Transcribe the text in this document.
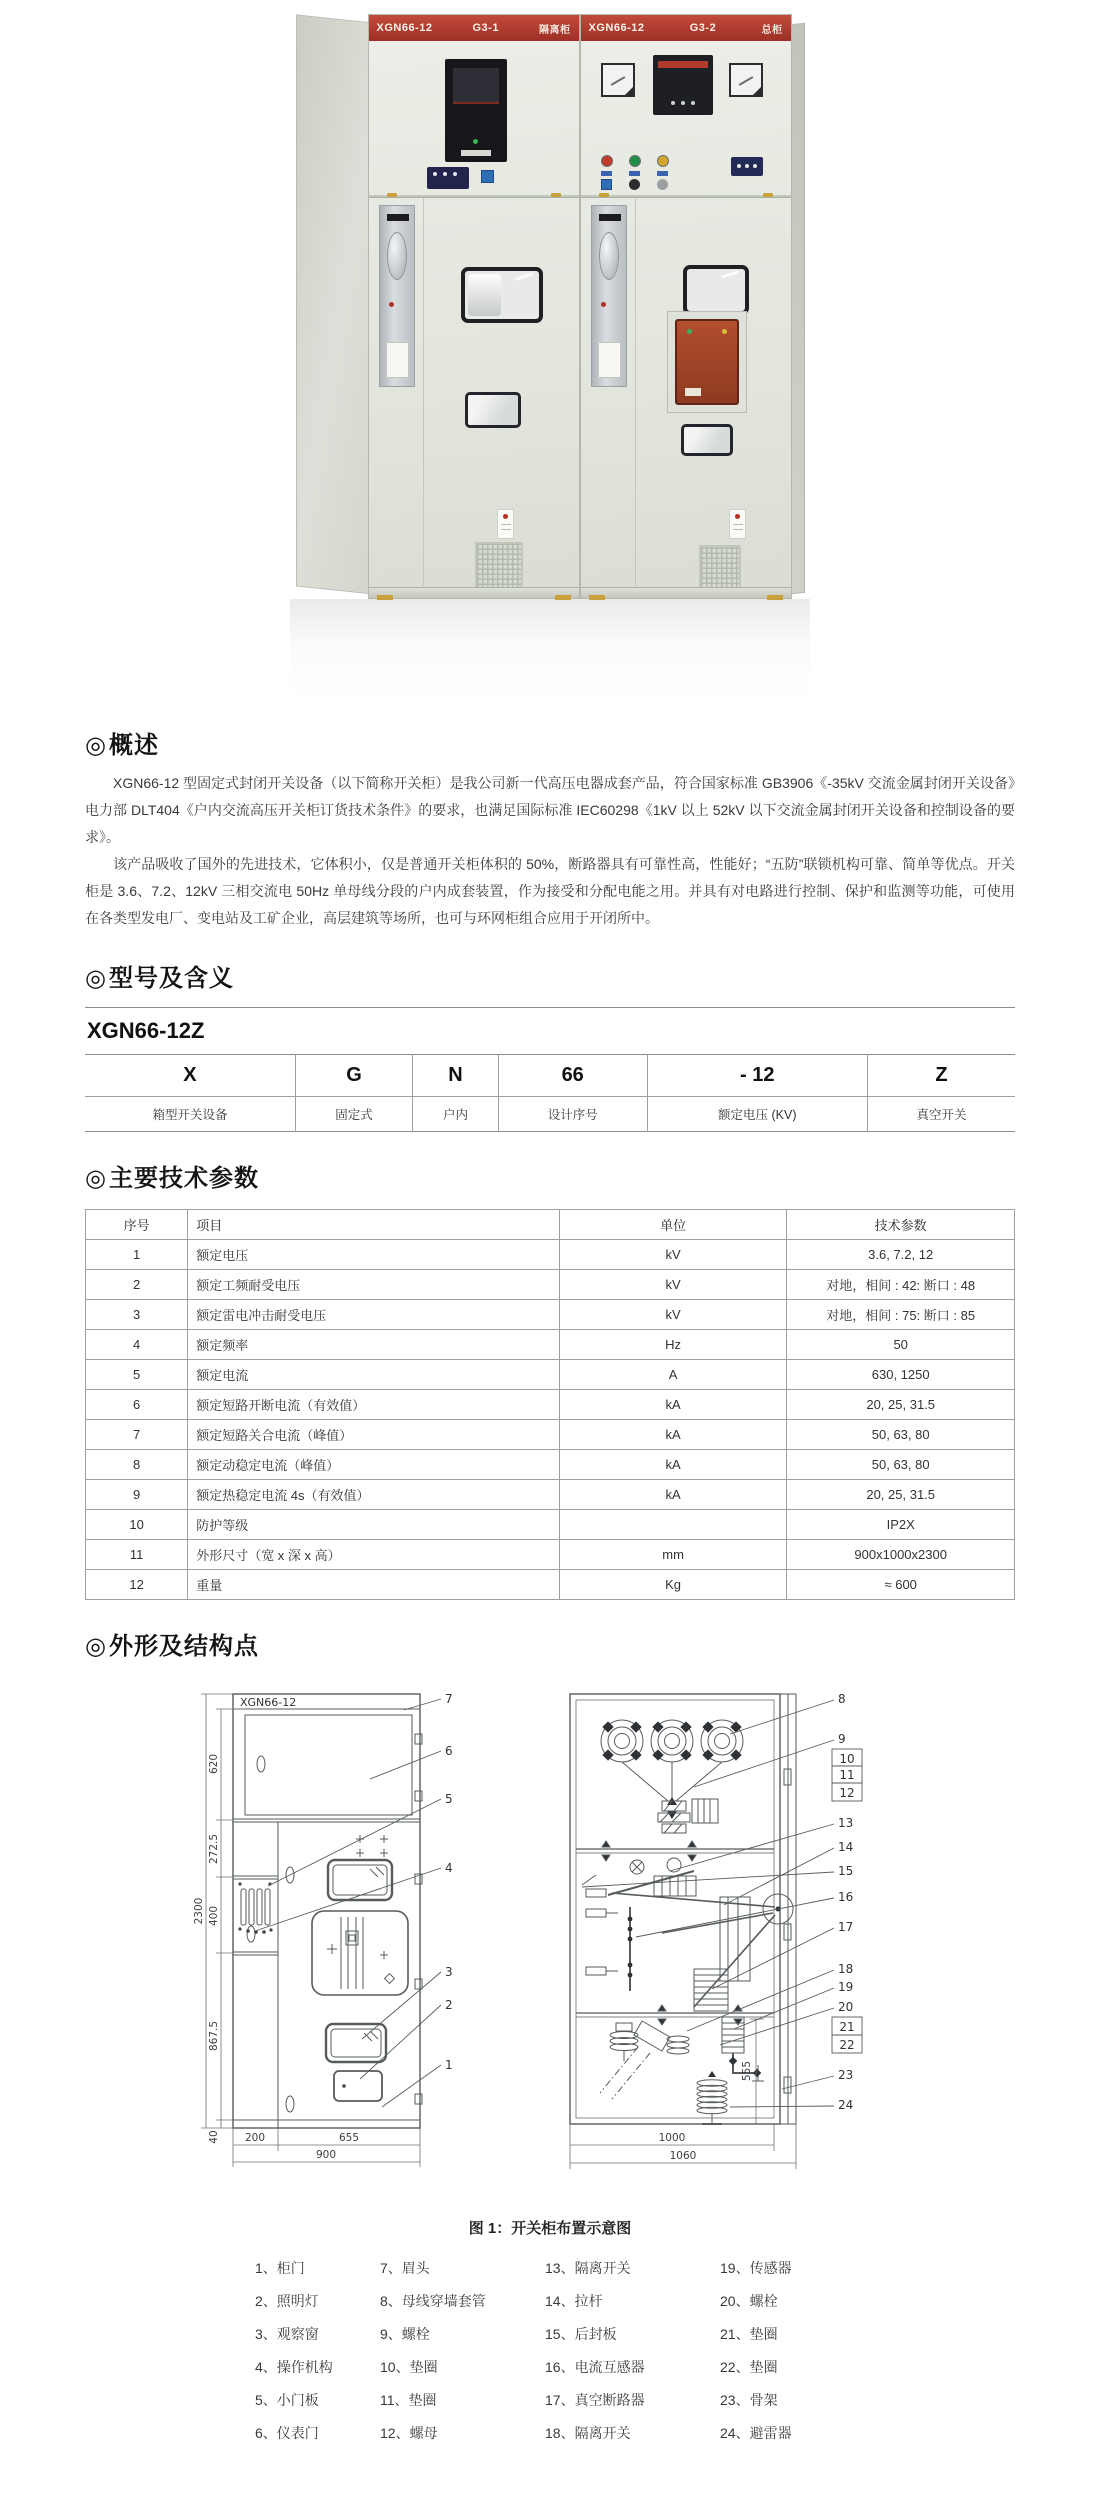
XGN66-12	G3-1	隔离柜 XGN66-12	G3-2	总柜
◎概述

XGN66-12 型固定式封闭开关设备（以下简称开关柜）是我公司新一代高压电器成套产品，符合国家标准 GB3906《-35kV 交流金属封闭开关设备》电力部 DLT404《户内交流高压开关柜订货技术条件》的要求，也满足国际标准 IEC60298《1kV 以上 52kV 以下交流金属封闭开关设备和控制设备的要求》。

该产品吸收了国外的先进技术，它体积小，仅是普通开关柜体积的 50%，断路器具有可靠性高，性能好；“五防”联锁机构可靠、简单等优点。开关柜是 3.6、7.2、12kV 三相交流电 50Hz 单母线分段的户内成套装置，作为接受和分配电能之用。并具有对电路进行控制、保护和监测等功能，可使用在各类型发电厂、变电站及工矿企业，高层建筑等场所，也可与环网柜组合应用于开闭所中。

◎型号及含义
XGN66-12Z
X	G	N	66	- 12	Z
箱型开关设备	固定式	户内	设计序号	额定电压 (KV)	真空开关
◎主要技术参数
序号	项目	单位	技术参数
1	额定电压	kV	3.6, 7.2, 12
2	额定工频耐受电压	kV	对地，相间 : 42: 断口 : 48
3	额定雷电冲击耐受电压	kV	对地，相间 : 75: 断口 : 85
4	额定频率	Hz	50
5	额定电流	A	630, 1250
6	额定短路开断电流（有效值）	kA	20, 25, 31.5
7	额定短路关合电流（峰值）	kA	50, 63, 80
8	额定动稳定电流（峰值）	kA	50, 63, 80
9	额定热稳定电流 4s（有效值）	kA	20, 25, 31.5
10	防护等级		IP2X
11	外形尺寸（宽 x 深 x 高）	mm	900x1000x2300
12	重量	Kg	≈ 600
◎外形及结构点
XGN66-12
620
272.5
400
867.5
40
2300
200	655
900
7
6
5
4
3
2
1	555
1000
1060
8
9
10
11
12
13
14
15
16
17
18
19
20
21
22
23
24
图 1：开关柜布置示意图
1、柜门
2、照明灯
3、观察窗
4、操作机构
5、小门板
6、仪表门
7、眉头
8、母线穿墙套管
9、螺栓
10、垫圈
11、垫圈
12、螺母
13、隔离开关
14、拉杆
15、后封板
16、电流互感器
17、真空断路器
18、隔离开关
19、传感器
20、螺栓
21、垫圈
22、垫圈
23、骨架
24、避雷器
